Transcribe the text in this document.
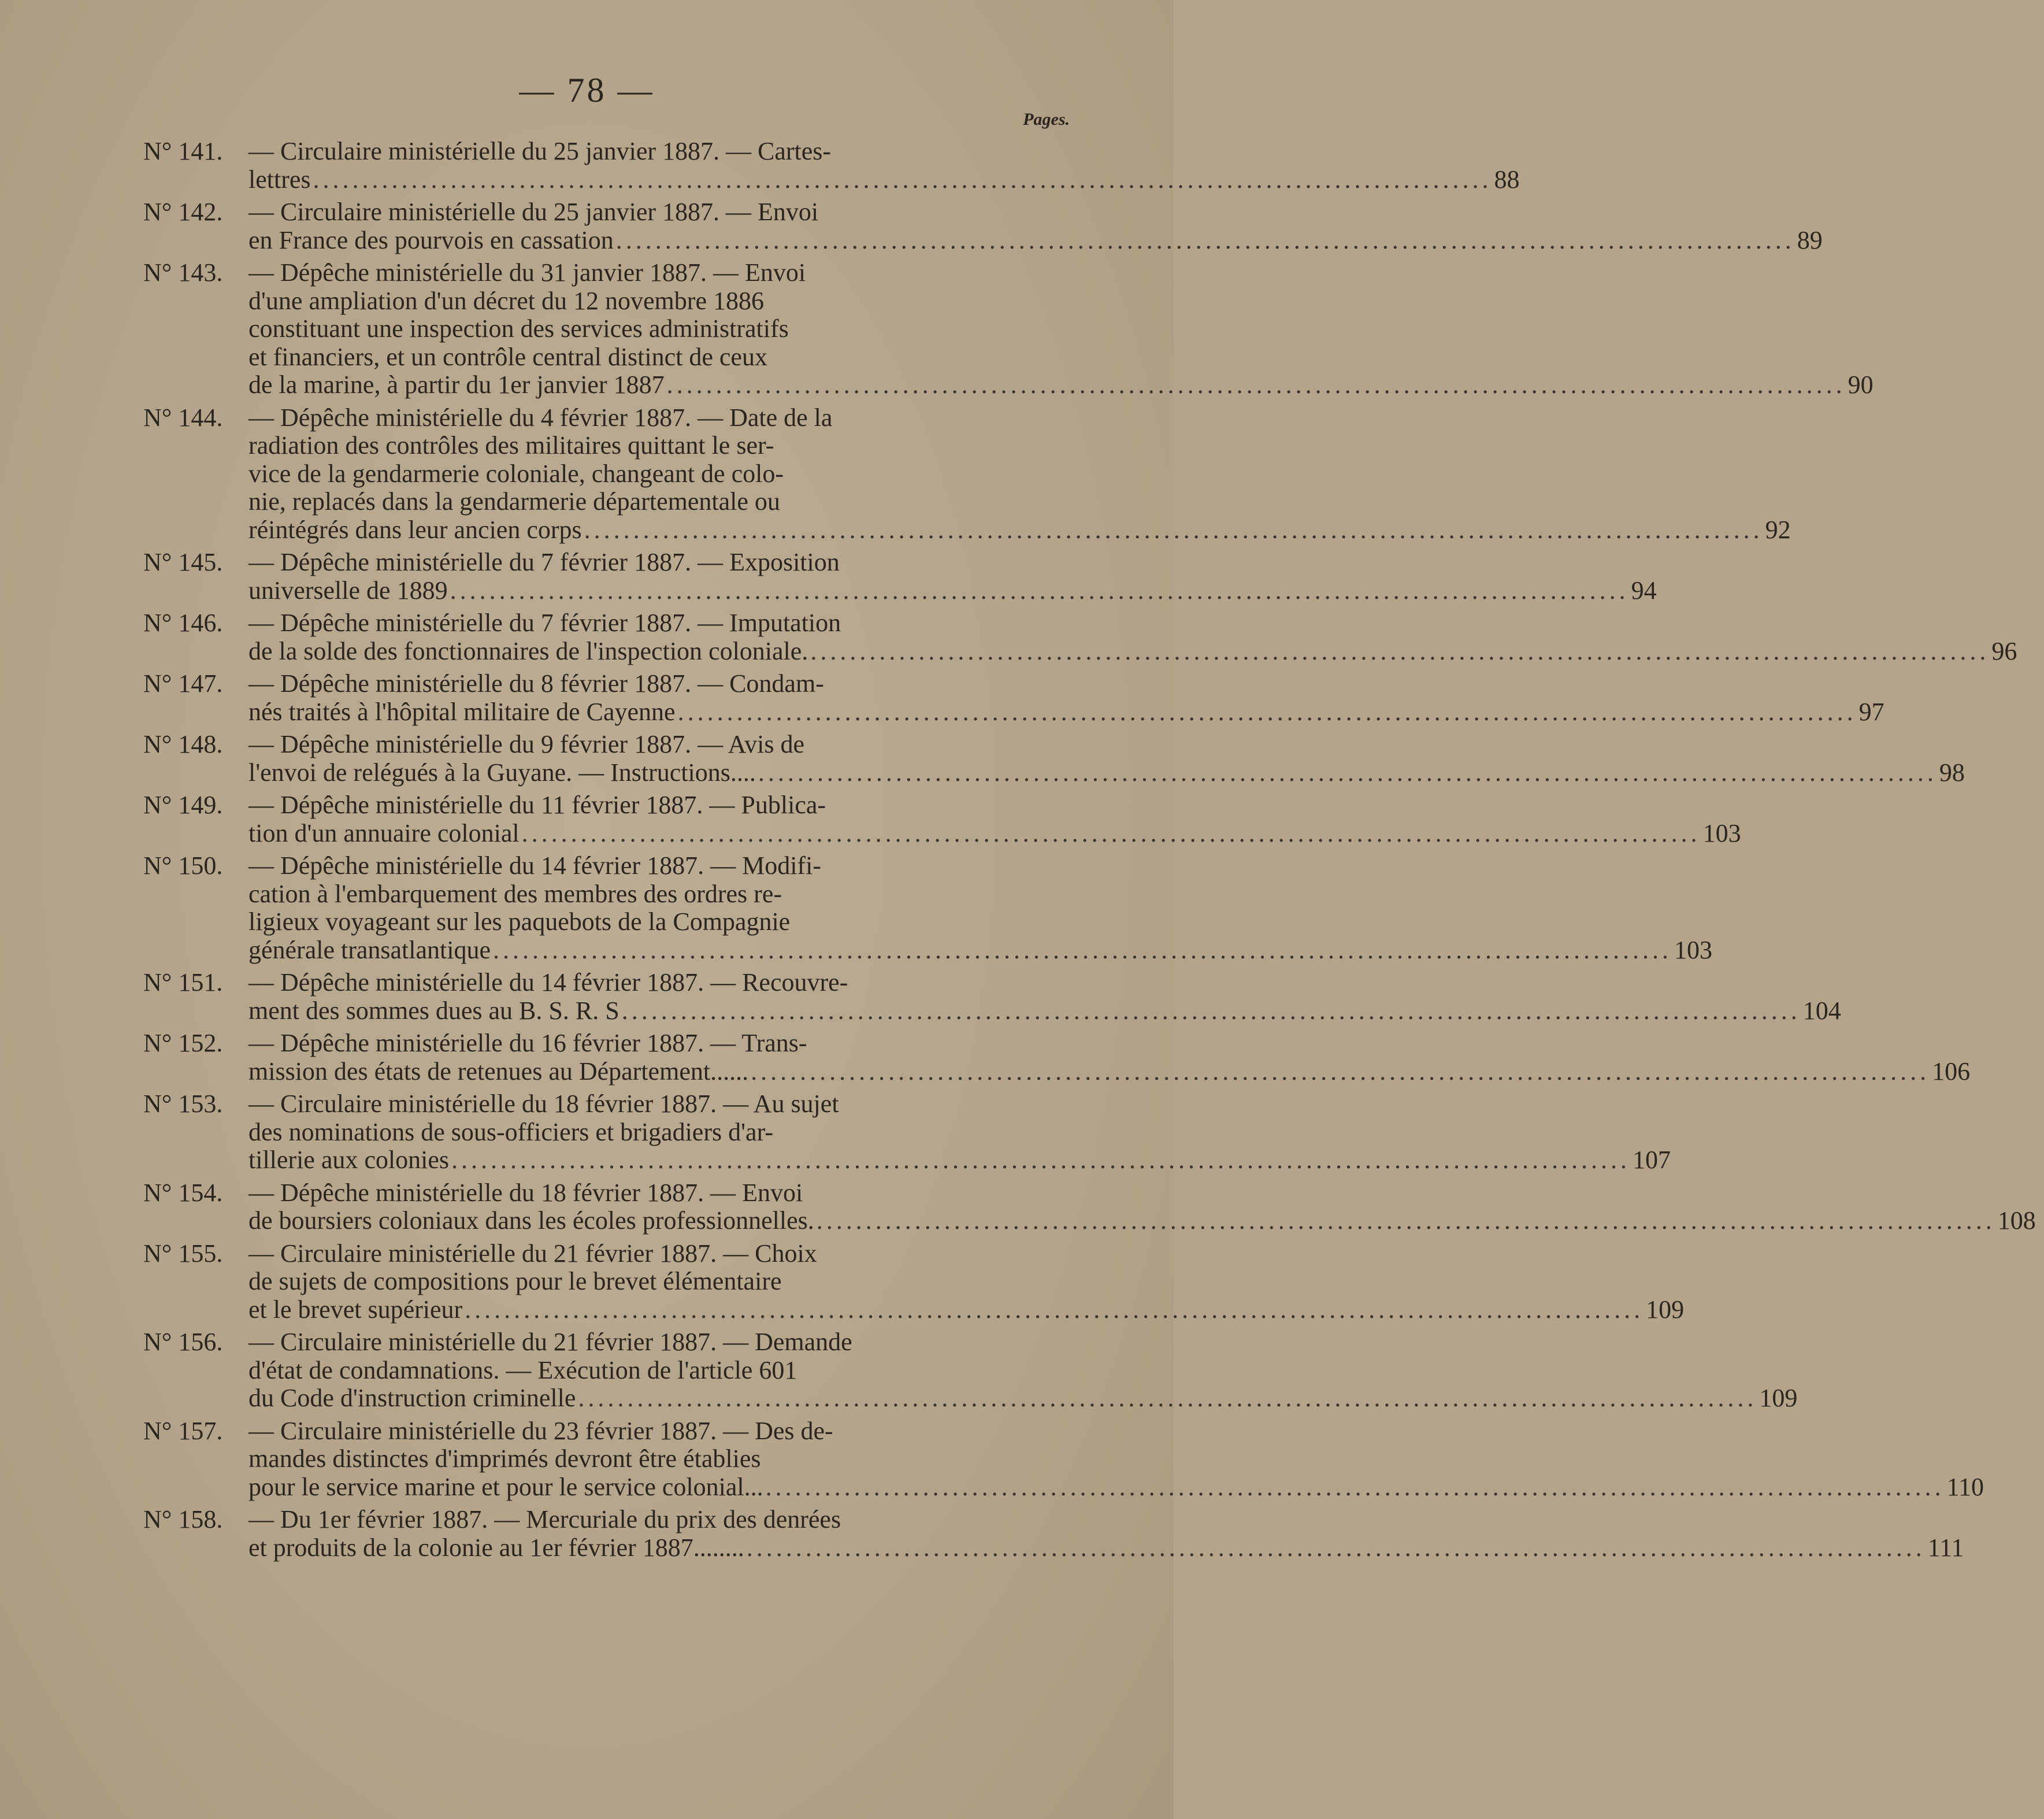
— 78 —
Pages.
N° 141.	— Circulaire ministérielle du 25 janvier 1887. — Cartes-
lettres ........................................................................................................................ 88
N° 142.	— Circulaire ministérielle du 25 janvier 1887. — Envoi
en France des pourvois en cassation ........................................................................................................................ 89
N° 143.	— Dépêche ministérielle du 31 janvier 1887. — Envoi
d'une ampliation d'un décret du 12 novembre 1886
constituant une inspection des services administratifs
et financiers, et un contrôle central distinct de ceux
de la marine, à partir du 1er janvier 1887 ........................................................................................................................ 90
N° 144.	— Dépêche ministérielle du 4 février 1887. — Date de la
radiation des contrôles des militaires quittant le ser-
vice de la gendarmerie coloniale, changeant de colo-
nie, replacés dans la gendarmerie départementale ou
réintégrés dans leur ancien corps ........................................................................................................................ 92
N° 145.	— Dépêche ministérielle du 7 février 1887. — Exposition
universelle de 1889 ........................................................................................................................ 94
N° 146.	— Dépêche ministérielle du 7 février 1887. — Imputation
de la solde des fonctionnaires de l'inspection coloniale. ........................................................................................................................ 96
N° 147.	— Dépêche ministérielle du 8 février 1887. — Condam-
nés traités à l'hôpital militaire de Cayenne ........................................................................................................................ 97
N° 148.	— Dépêche ministérielle du 9 février 1887. — Avis de
l'envoi de relégués à la Guyane. — Instructions.... ........................................................................................................................ 98
N° 149.	— Dépêche ministérielle du 11 février 1887. — Publica-
tion d'un annuaire colonial ........................................................................................................................ 103
N° 150.	— Dépêche ministérielle du 14 février 1887. — Modifi-
cation à l'embarquement des membres des ordres re-
ligieux voyageant sur les paquebots de la Compagnie
générale transatlantique ........................................................................................................................ 103
N° 151.	— Dépêche ministérielle du 14 février 1887. — Recouvre-
ment des sommes dues au B. S. R. S ........................................................................................................................ 104
N° 152.	— Dépêche ministérielle du 16 février 1887. — Trans-
mission des états de retenues au Département...... ........................................................................................................................ 106
N° 153.	— Circulaire ministérielle du 18 février 1887. — Au sujet
des nominations de sous-officiers et brigadiers d'ar-
tillerie aux colonies ........................................................................................................................ 107
N° 154.	— Dépêche ministérielle du 18 février 1887. — Envoi
de boursiers coloniaux dans les écoles professionnelles. ........................................................................................................................ 108
N° 155.	— Circulaire ministérielle du 21 février 1887. — Choix
de sujets de compositions pour le brevet élémentaire
et le brevet supérieur ........................................................................................................................ 109
N° 156.	— Circulaire ministérielle du 21 février 1887. — Demande
d'état de condamnations. — Exécution de l'article 601
du Code d'instruction criminelle ........................................................................................................................ 109
N° 157.	— Circulaire ministérielle du 23 février 1887. — Des de-
mandes distinctes d'imprimés devront être établies
pour le service marine et pour le service colonial... ........................................................................................................................ 110
N° 158.	— Du 1er février 1887. — Mercuriale du prix des denrées
et produits de la colonie au 1er février 1887........ ........................................................................................................................ 111
